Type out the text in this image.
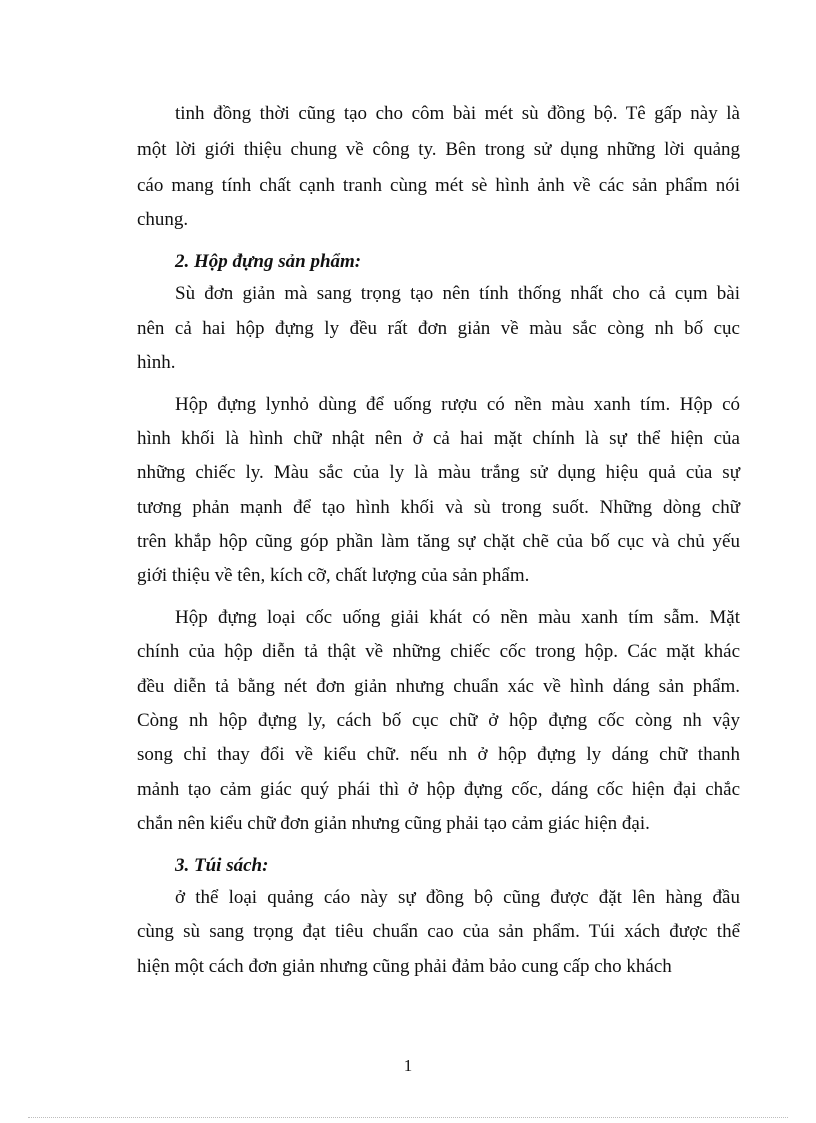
tinh đồng thời cũng tạo cho côm bài mét sù đồng bộ. Tê gấp này là
một lời giới thiệu chung về công ty. Bên trong sử dụng những lời quảng
cáo mang tính chất cạnh tranh cùng mét sè hình ảnh về các sản phẩm nói
chung.
2. Hộp đựng sản phẩm:
Sù đơn giản mà sang trọng tạo nên tính thống nhất cho cả cụm bài
nên cả hai hộp đựng ly đều rất đơn giản về màu sắc còng nh bố cục
hình.
Hộp đựng lynhỏ dùng để uống rượu có nền màu xanh tím. Hộp có
hình khối là hình chữ nhật nên ở cả hai mặt chính là sự thể hiện của
những chiếc ly. Màu sắc của ly là màu trắng sử dụng hiệu quả của sự
tương phản mạnh để tạo hình khối và sù trong suốt. Những dòng chữ
trên khắp hộp cũng góp phần làm tăng sự chặt chẽ của bố cục và chủ yếu
giới thiệu về tên, kích cỡ, chất lượng của sản phẩm.
Hộp đựng loại cốc uống giải khát có nền màu xanh tím sẫm. Mặt
chính của hộp diễn tả thật về những chiếc cốc trong hộp. Các mặt khác
đều diễn tả bằng nét đơn giản nhưng chuẩn xác về hình dáng sản phẩm.
Còng nh hộp đựng ly, cách bố cục chữ ở hộp đựng cốc còng nh vậy
song chỉ thay đổi về kiểu chữ. nếu nh ở hộp đựng ly dáng chữ thanh
mảnh tạo cảm giác quý phái thì ở hộp đựng cốc, dáng cốc hiện đại chắc
chắn nên kiểu chữ đơn giản nhưng cũng phải tạo cảm giác hiện đại.
3. Túi sách:
ở thể loại quảng cáo này sự đồng bộ cũng được đặt lên hàng đầu
cùng sù sang trọng đạt tiêu chuẩn cao của sản phẩm. Túi xách được thể
hiện một cách đơn giản nhưng cũng phải đảm bảo cung cấp cho khách
1
